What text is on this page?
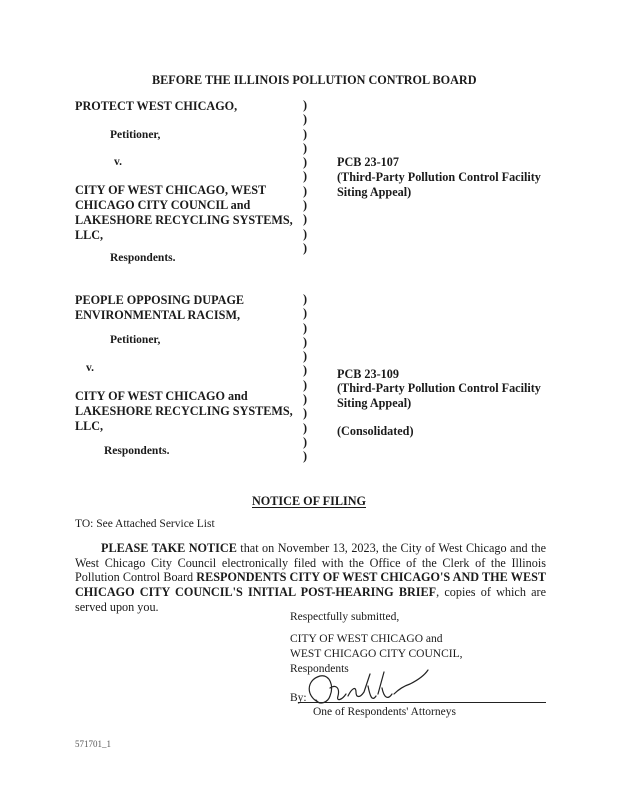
BEFORE THE ILLINOIS POLLUTION CONTROL BOARD
PROTECT WEST CHICAGO,
Petitioner,
v.
CITY OF WEST CHICAGO, WEST
CHICAGO CITY COUNCIL and
LAKESHORE RECYCLING SYSTEMS,
LLC,
Respondents.
)
)
)
)
)
)
)
)
)
)
)
PCB 23-107
(Third-Party Pollution Control Facility
Siting Appeal)
PEOPLE OPPOSING DUPAGE
ENVIRONMENTAL RACISM,
Petitioner,
v.
CITY OF WEST CHICAGO and
LAKESHORE RECYCLING SYSTEMS,
LLC,
Respondents.
)
)
)
)
)
)
)
)
)
)
)
)
PCB 23-109
(Third-Party Pollution Control Facility
Siting Appeal)
(Consolidated)
NOTICE OF FILING
TO: See Attached Service List
PLEASE TAKE NOTICE that on November 13, 2023, the City of West Chicago and the West Chicago City Council electronically filed with the Office of the Clerk of the Illinois Pollution Control Board RESPONDENTS CITY OF WEST CHICAGO'S AND THE WEST CHICAGO CITY COUNCIL'S INITIAL POST-HEARING BRIEF, copies of which are served upon you.
Respectfully submitted,
CITY OF WEST CHICAGO and
WEST CHICAGO CITY COUNCIL,
Respondents
By:
One of Respondents' Attorneys
571701_1
